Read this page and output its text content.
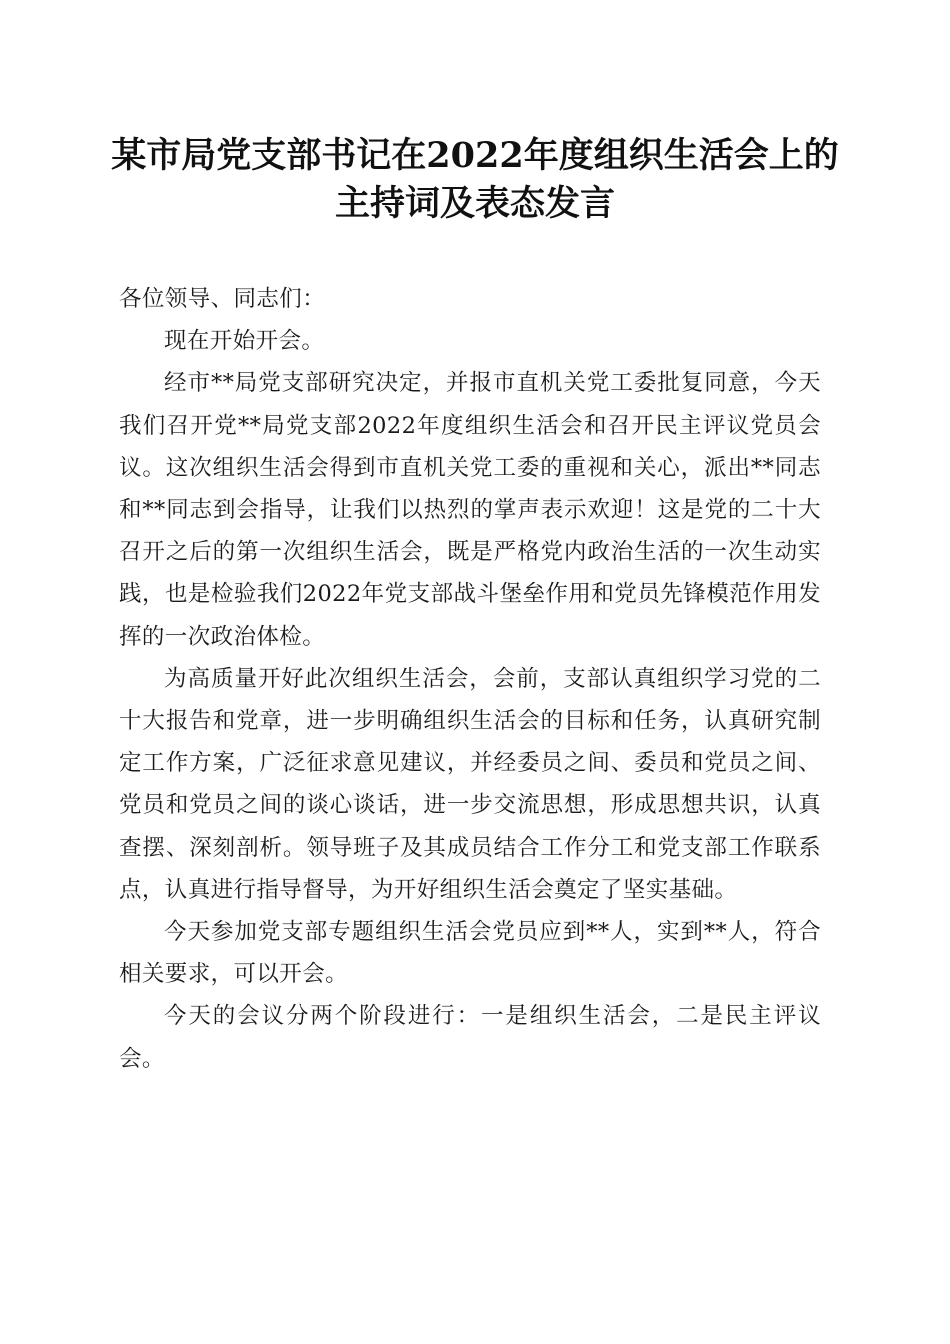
某市局党支部书记在2022年度组织生活会上的主持词及表态发言

各位领导、同志们：

现在开始开会。

经市**局党支部研究决定，并报市直机关党工委批复同意，今天我们召开党**局党支部2022年度组织生活会和召开民主评议党员会议。这次组织生活会得到市直机关党工委的重视和关心，派出**同志和**同志到会指导，让我们以热烈的掌声表示欢迎！这是党的二十大召开之后的第一次组织生活会，既是严格党内政治生活的一次生动实践，也是检验我们2022年党支部战斗堡垒作用和党员先锋模范作用发挥的一次政治体检。

为高质量开好此次组织生活会，会前，支部认真组织学习党的二十大报告和党章，进一步明确组织生活会的目标和任务，认真研究制定工作方案，广泛征求意见建议，并经委员之间、委员和党员之间、党员和党员之间的谈心谈话，进一步交流思想，形成思想共识，认真查摆、深刻剖析。领导班子及其成员结合工作分工和党支部工作联系点，认真进行指导督导，为开好组织生活会奠定了坚实基础。

今天参加党支部专题组织生活会党员应到**人，实到**人，符合相关要求，可以开会。

今天的会议分两个阶段进行：一是组织生活会，二是民主评议会。
